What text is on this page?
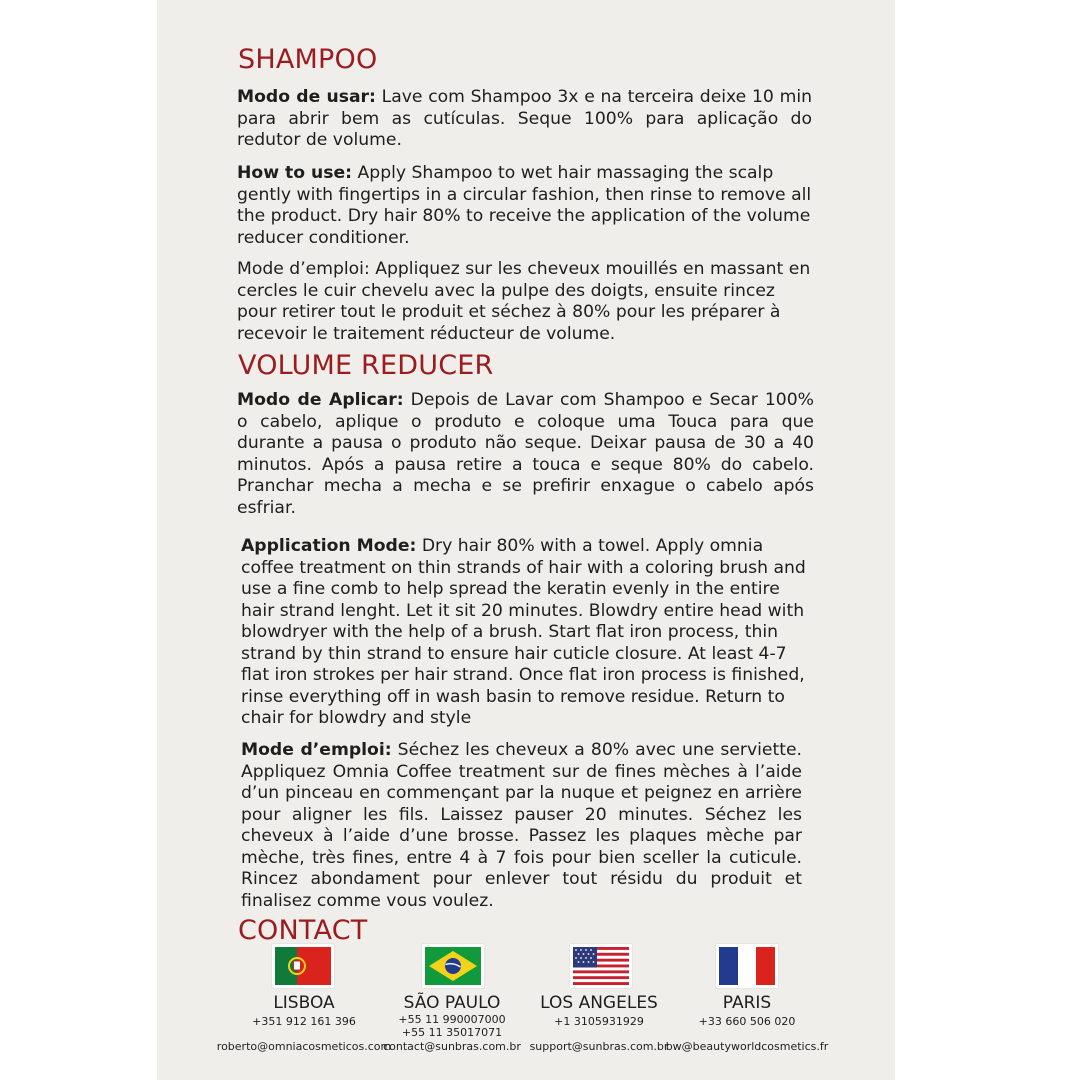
SHAMPOO

Modo de usar: Lave com Shampoo 3x e na terceira deixe 10 min para abrir bem as cutículas. Seque 100% para aplicação do redutor de volume.

How to use: Apply Shampoo to wet hair massaging the scalp gently with fingertips in a circular fashion, then rinse to remove all the product. Dry hair 80% to receive the application of the volume reducer conditioner.

Mode d’emploi: Appliquez sur les cheveux mouillés en massant en cercles le cuir chevelu avec la pulpe des doigts, ensuite rincez pour retirer tout le produit et séchez à 80% pour les préparer à recevoir le traitement réducteur de volume.

VOLUME REDUCER

Modo de Aplicar: Depois de Lavar com Shampoo e Secar 100% o cabelo, aplique o produto e coloque uma Touca para que durante a pausa o produto não seque. Deixar pausa de 30 a 40 minutos. Após a pausa retire a touca e seque 80% do cabelo. Pranchar mecha a mecha e se prefirir enxague o cabelo após esfriar.

Application Mode: Dry hair 80% with a towel. Apply omnia coffee treatment on thin strands of hair with a coloring brush and use a fine comb to help spread the keratin evenly in the entire hair strand lenght. Let it sit 20 minutes. Blowdry entire head with blowdryer with the help of a brush. Start flat iron process, thin strand by thin strand to ensure hair cuticle closure. At least 4-7 flat iron strokes per hair strand. Once flat iron process is finished, rinse everything off in wash basin to remove residue. Return to chair for blowdry and style

Mode d’emploi: Séchez les cheveux a 80% avec une serviette. Appliquez Omnia Coffee treatment sur de fines mèches à l’aide d’un pinceau en commençant par la nuque et peignez en arrière pour aligner les fils. Laissez pauser 20 minutes. Séchez les cheveux à l’aide d’une brosse. Passez les plaques mèche par mèche, très fines, entre 4 à 7 fois pour bien sceller la cuticule. Rincez abondament pour enlever tout résidu du produit et finalisez comme vous voulez.

CONTACT

LISBOA

+351 912 161 396

roberto@omniacosmeticos.com

SÃO PAULO

+55 11 990007000

+55 11 35017071

contact@sunbras.com.br

LOS ANGELES

+1 3105931929

support@sunbras.com.br

PARIS

+33 660 506 020

bw@beautyworldcosmetics.fr
